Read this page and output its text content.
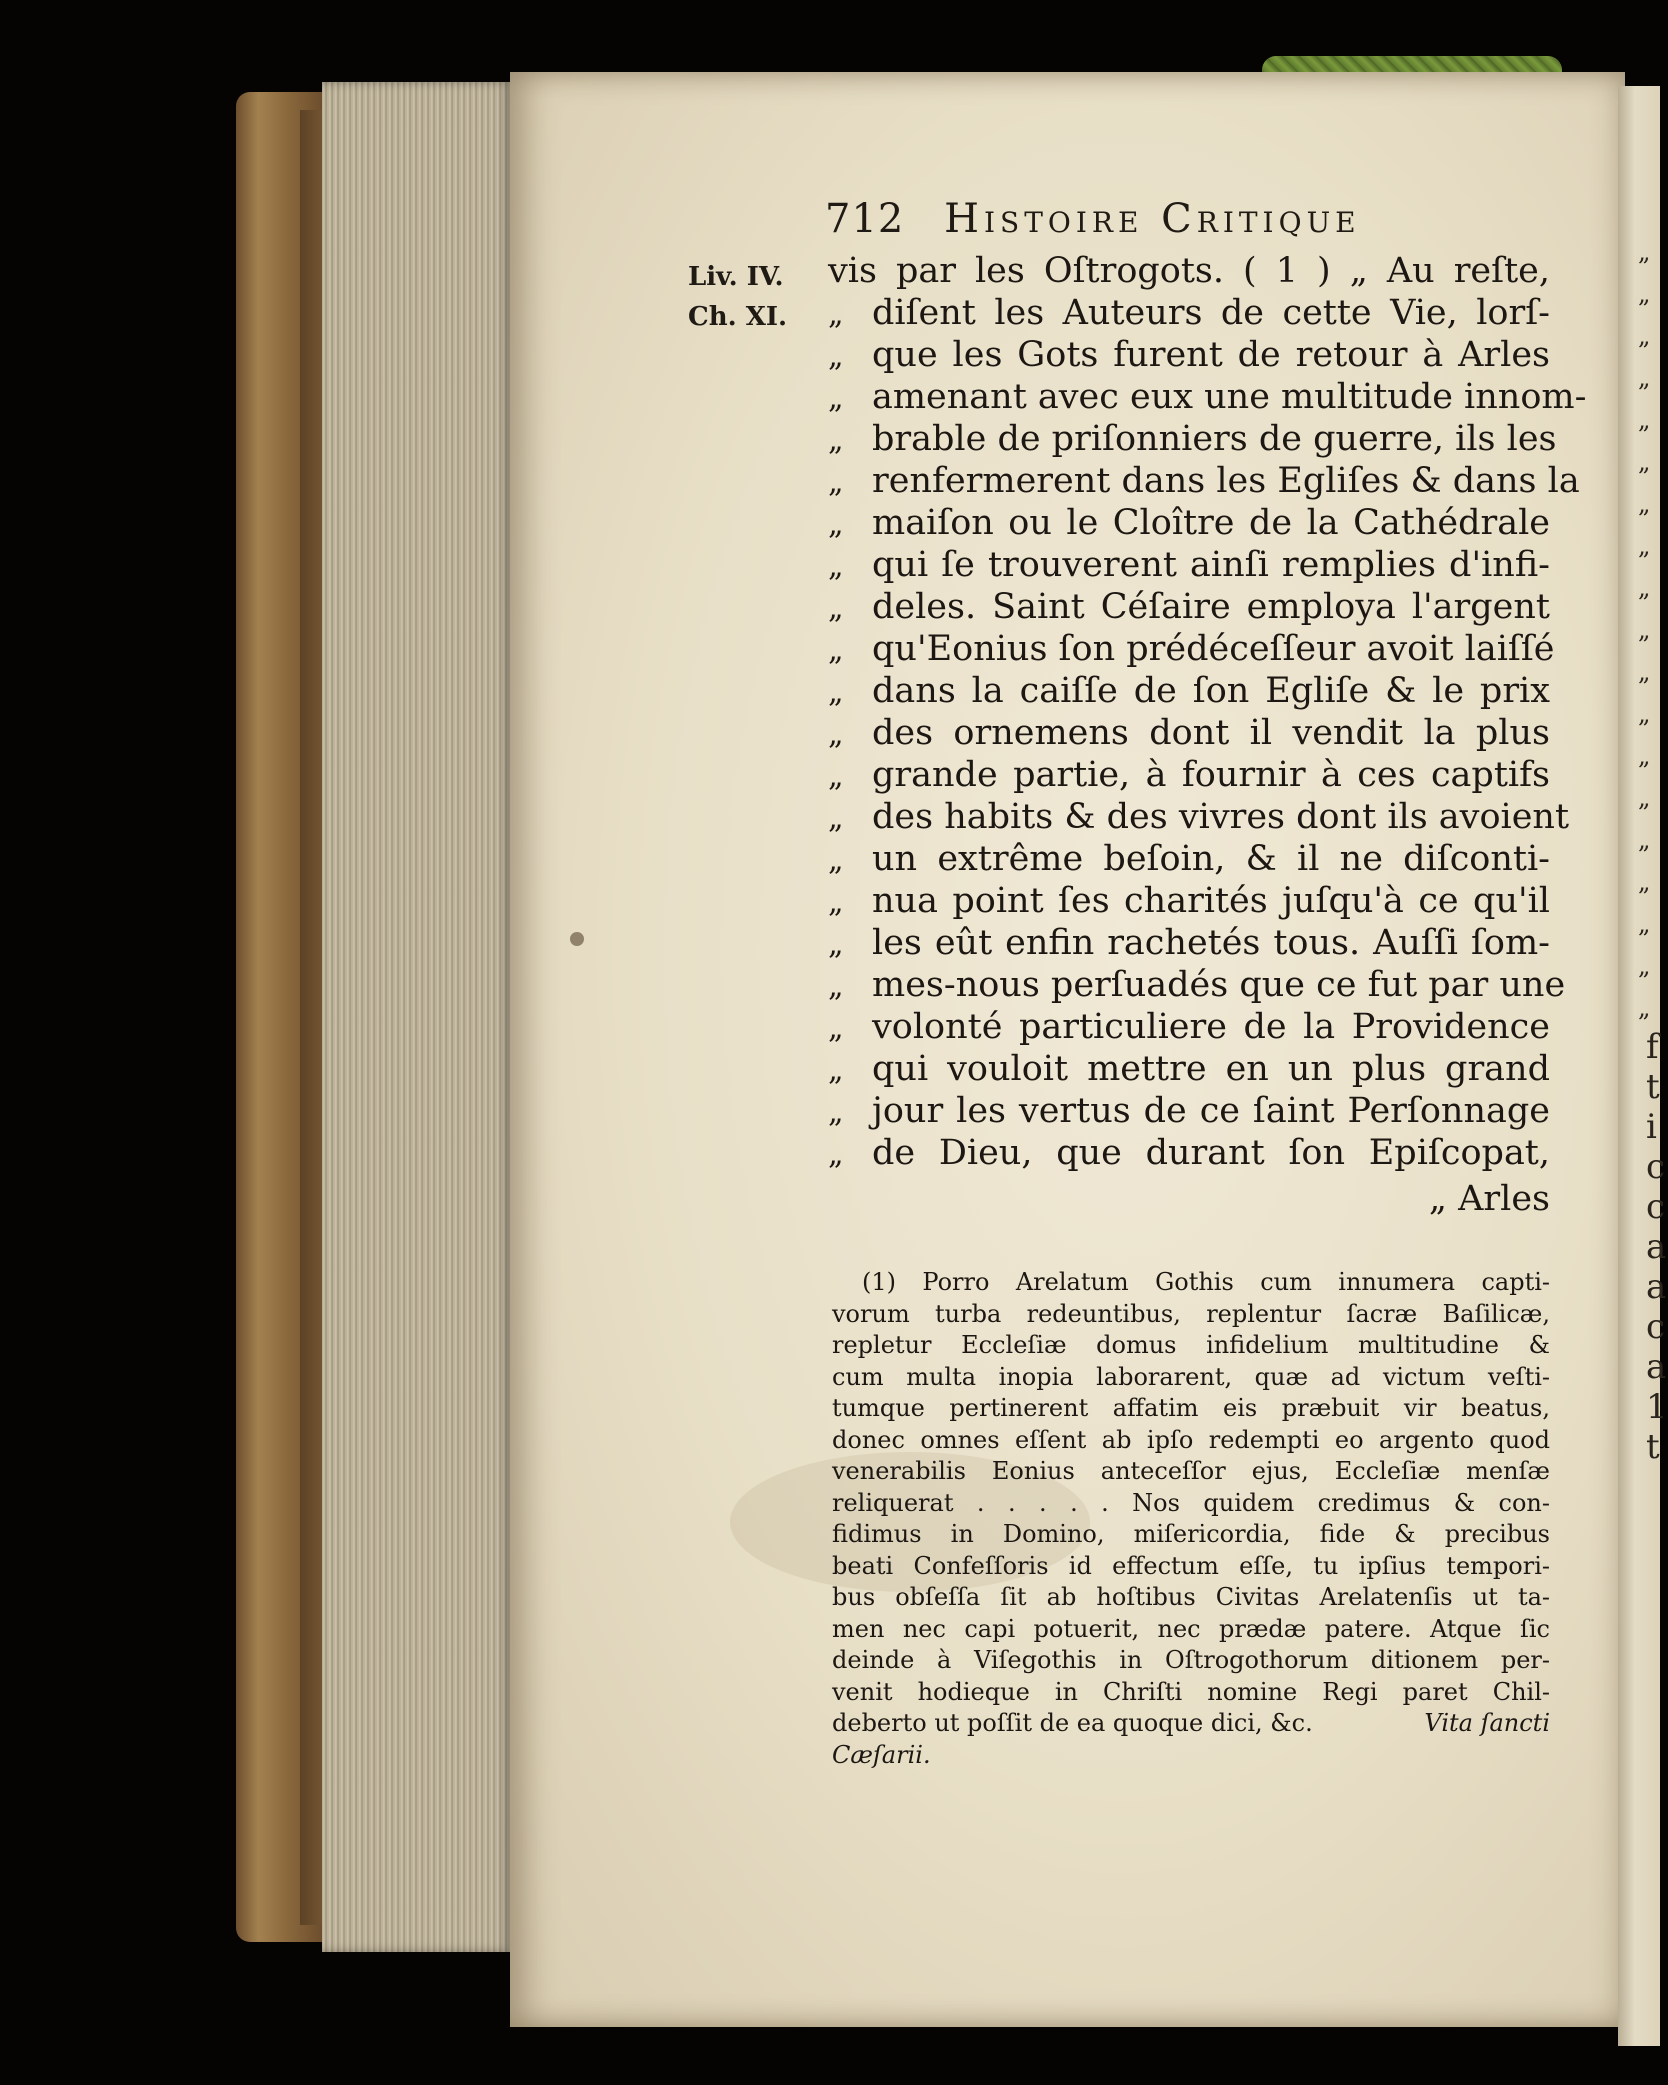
„
„
„
„
„
„
„
„
„
„
„
„
„
„
„
„
„
„
„
f
t
i
c
c
a
a
c
a
1
t
712 Histoire Critique
Liv. IV.
Ch. XI.
vis par les Oſtrogots. ( 1 ) „ Au reſte,
„ diſent les Auteurs de cette Vie, lorſ-
„ que les Gots furent de retour à Arles
„ amenant avec eux une multitude innom-
„ brable de priſonniers de guerre, ils les
„ renfermerent dans les Egliſes & dans la
„ maiſon ou le Cloître de la Cathédrale
„ qui ſe trouverent ainſi remplies d'infi-
„ deles. Saint Céſaire employa l'argent
„ qu'Eonius ſon prédéceſſeur avoit laiſſé
„ dans la caiſſe de ſon Egliſe & le prix
„ des ornemens dont il vendit la plus
„ grande partie, à fournir à ces captifs
„ des habits & des vivres dont ils avoient
„ un extrême beſoin, & il ne diſconti-
„ nua point ſes charités juſqu'à ce qu'il
„ les eût enfin rachetés tous. Auſſi ſom-
„ mes-nous perſuadés que ce fut par une
„ volonté particuliere de la Providence
„ qui vouloit mettre en un plus grand
„ jour les vertus de ce ſaint Perſonnage
„ de Dieu, que durant ſon Epiſcopat,
„ Arles
(1) Porro Arelatum Gothis cum innumera capti-
vorum turba redeuntibus, replentur ſacræ Baſilicæ,
repletur Eccleſiæ domus infidelium multitudine &
cum multa inopia laborarent, quæ ad victum veſti-
tumque pertinerent affatim eis præbuit vir beatus,
donec omnes eſſent ab ipſo redempti eo argento quod
venerabilis Eonius anteceſſor ejus, Eccleſiæ menſæ
reliquerat . . . . . Nos quidem credimus & con-
fidimus in Domino, miſericordia, fide & precibus
beati Confeſſoris id effectum eſſe, tu ipſius tempori-
bus obſeſſa ſit ab hoſtibus Civitas Arelatenſis ut ta-
men nec capi potuerit, nec prædæ patere. Atque ſic
deinde à Viſegothis in Oſtrogothorum ditionem per-
venit hodieque in Chriſti nomine Regi paret Chil-
deberto ut poſſit de ea quoque dici, &c.	Vita ſancti
Cæſarii.
